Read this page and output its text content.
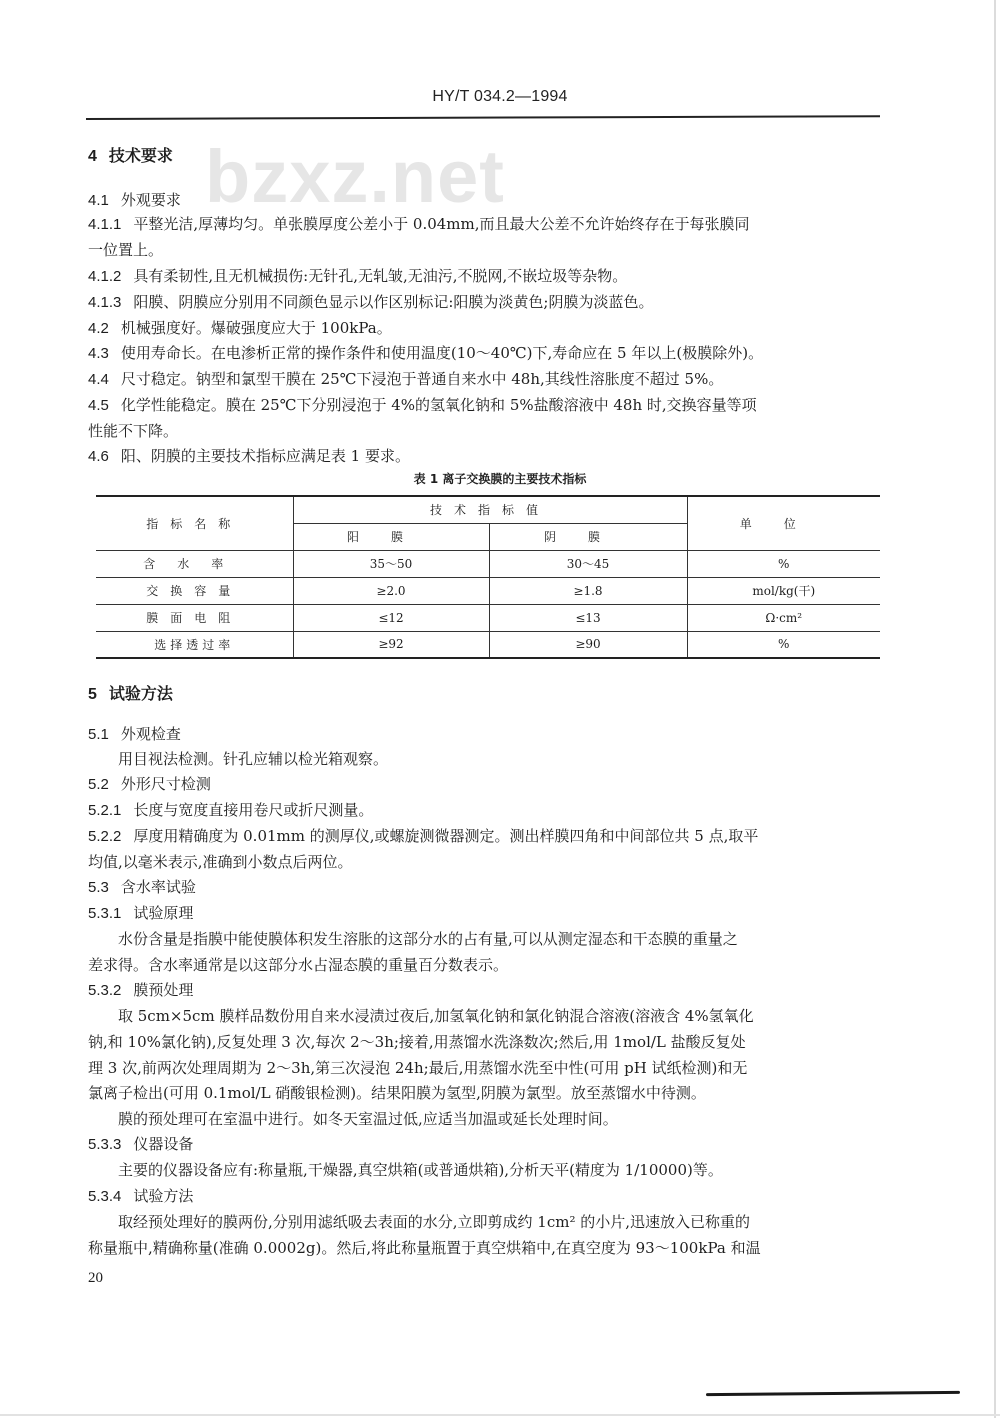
HY/T 034.2—1994
bzxz.net
4 技术要求
4.1 外观要求
4.1.1 平整光洁,厚薄均匀。单张膜厚度公差小于 0.04mm,而且最大公差不允许始终存在于每张膜同
一位置上。
4.1.2 具有柔韧性,且无机械损伤:无针孔,无轧皱,无油污,不脱网,不嵌垃圾等杂物。
4.1.3 阳膜、阴膜应分别用不同颜色显示以作区别标记:阳膜为淡黄色;阴膜为淡蓝色。
4.2 机械强度好。爆破强度应大于 100kPa。
4.3 使用寿命长。在电渗析正常的操作条件和使用温度(10～40℃)下,寿命应在 5 年以上(极膜除外)。
4.4 尺寸稳定。钠型和氯型干膜在 25℃下浸泡于普通自来水中 48h,其线性溶胀度不超过 5%。
4.5 化学性能稳定。膜在 25℃下分别浸泡于 4%的氢氧化钠和 5%盐酸溶液中 48h 时,交换容量等项
性能不下降。
4.6 阳、阴膜的主要技术指标应满足表 1 要求。
表 1 离子交换膜的主要技术指标
指标名称	技术指标值		单位
	阳膜	阴膜	
含水率	35～50	30～45	%
交换容量	≥2.0	≥1.8	mol/kg(干)
膜面电阻	≤12	≤13	Ω·cm²
选择透过率	≥92	≥90	%
5 试验方法
5.1 外观检查
用目视法检测。针孔应辅以检光箱观察。
5.2 外形尺寸检测
5.2.1 长度与宽度直接用卷尺或折尺测量。
5.2.2 厚度用精确度为 0.01mm 的测厚仪,或螺旋测微器测定。测出样膜四角和中间部位共 5 点,取平
均值,以毫米表示,准确到小数点后两位。
5.3 含水率试验
5.3.1 试验原理
水份含量是指膜中能使膜体积发生溶胀的这部分水的占有量,可以从测定湿态和干态膜的重量之
差求得。含水率通常是以这部分水占湿态膜的重量百分数表示。
5.3.2 膜预处理
取 5cm×5cm 膜样品数份用自来水浸渍过夜后,加氢氧化钠和氯化钠混合溶液(溶液含 4%氢氧化
钠,和 10%氯化钠),反复处理 3 次,每次 2～3h;接着,用蒸馏水洗涤数次;然后,用 1mol/L 盐酸反复处
理 3 次,前两次处理周期为 2～3h,第三次浸泡 24h;最后,用蒸馏水洗至中性(可用 pH 试纸检测)和无
氯离子检出(可用 0.1mol/L 硝酸银检测)。结果阳膜为氢型,阴膜为氯型。放至蒸馏水中待测。
膜的预处理可在室温中进行。如冬天室温过低,应适当加温或延长处理时间。
5.3.3 仪器设备
主要的仪器设备应有:称量瓶,干燥器,真空烘箱(或普通烘箱),分析天平(精度为 1/10000)等。
5.3.4 试验方法
取经预处理好的膜两份,分别用滤纸吸去表面的水分,立即剪成约 1cm² 的小片,迅速放入已称重的
称量瓶中,精确称量(准确 0.0002g)。然后,将此称量瓶置于真空烘箱中,在真空度为 93～100kPa 和温
20
